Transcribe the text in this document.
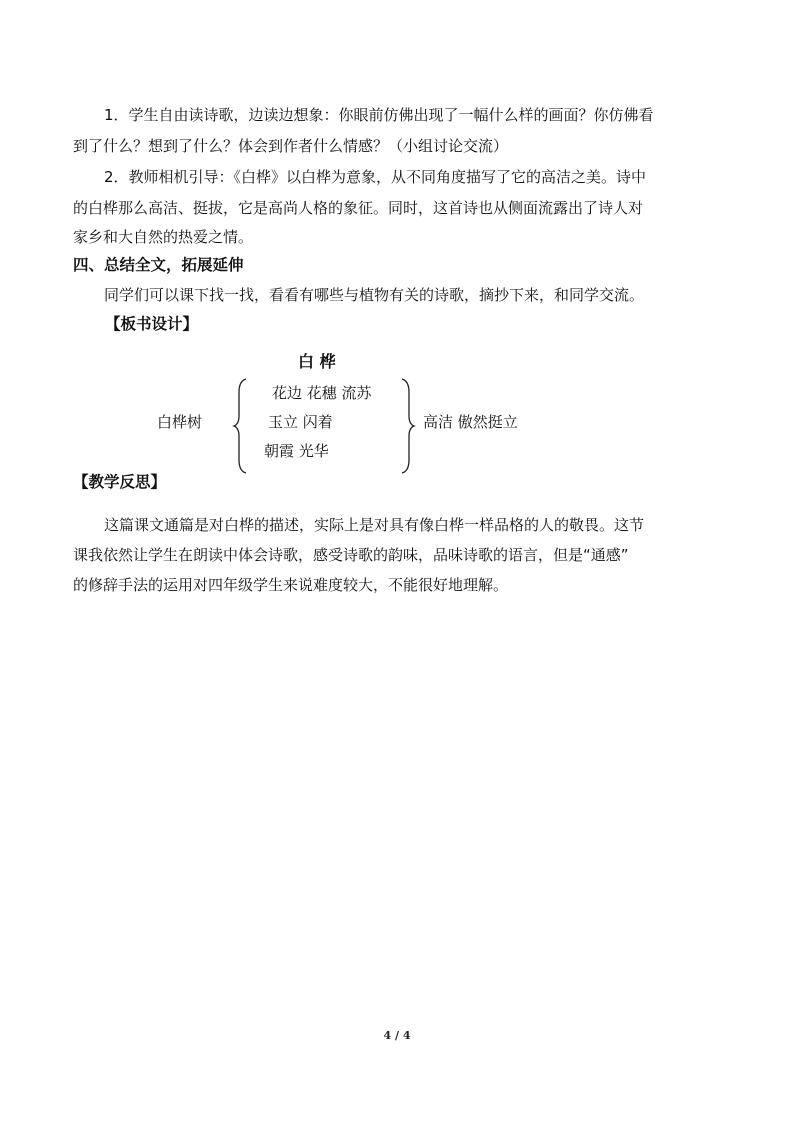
1．学生自由读诗歌，边读边想象：你眼前仿佛出现了一幅什么样的画面？你仿佛看
到了什么？想到了什么？体会到作者什么情感？（小组讨论交流）
2．教师相机引导：《白桦》以白桦为意象，从不同角度描写了它的高洁之美。诗中
的白桦那么高洁、挺拔，它是高尚人格的象征。同时，这首诗也从侧面流露出了诗人对
家乡和大自然的热爱之情。
四、总结全文，拓展延伸
同学们可以课下找一找，看看有哪些与植物有关的诗歌，摘抄下来，和同学交流。
【板书设计】
白 桦
白桦树
花边 花穗 流苏
玉立 闪着
朝霞 光华
高洁 傲然挺立
【教学反思】
这篇课文通篇是对白桦的描述，实际上是对具有像白桦一样品格的人的敬畏。这节
课我依然让学生在朗读中体会诗歌，感受诗歌的韵味，品味诗歌的语言，但是“通感”
的修辞手法的运用对四年级学生来说难度较大，不能很好地理解。
4 / 4
